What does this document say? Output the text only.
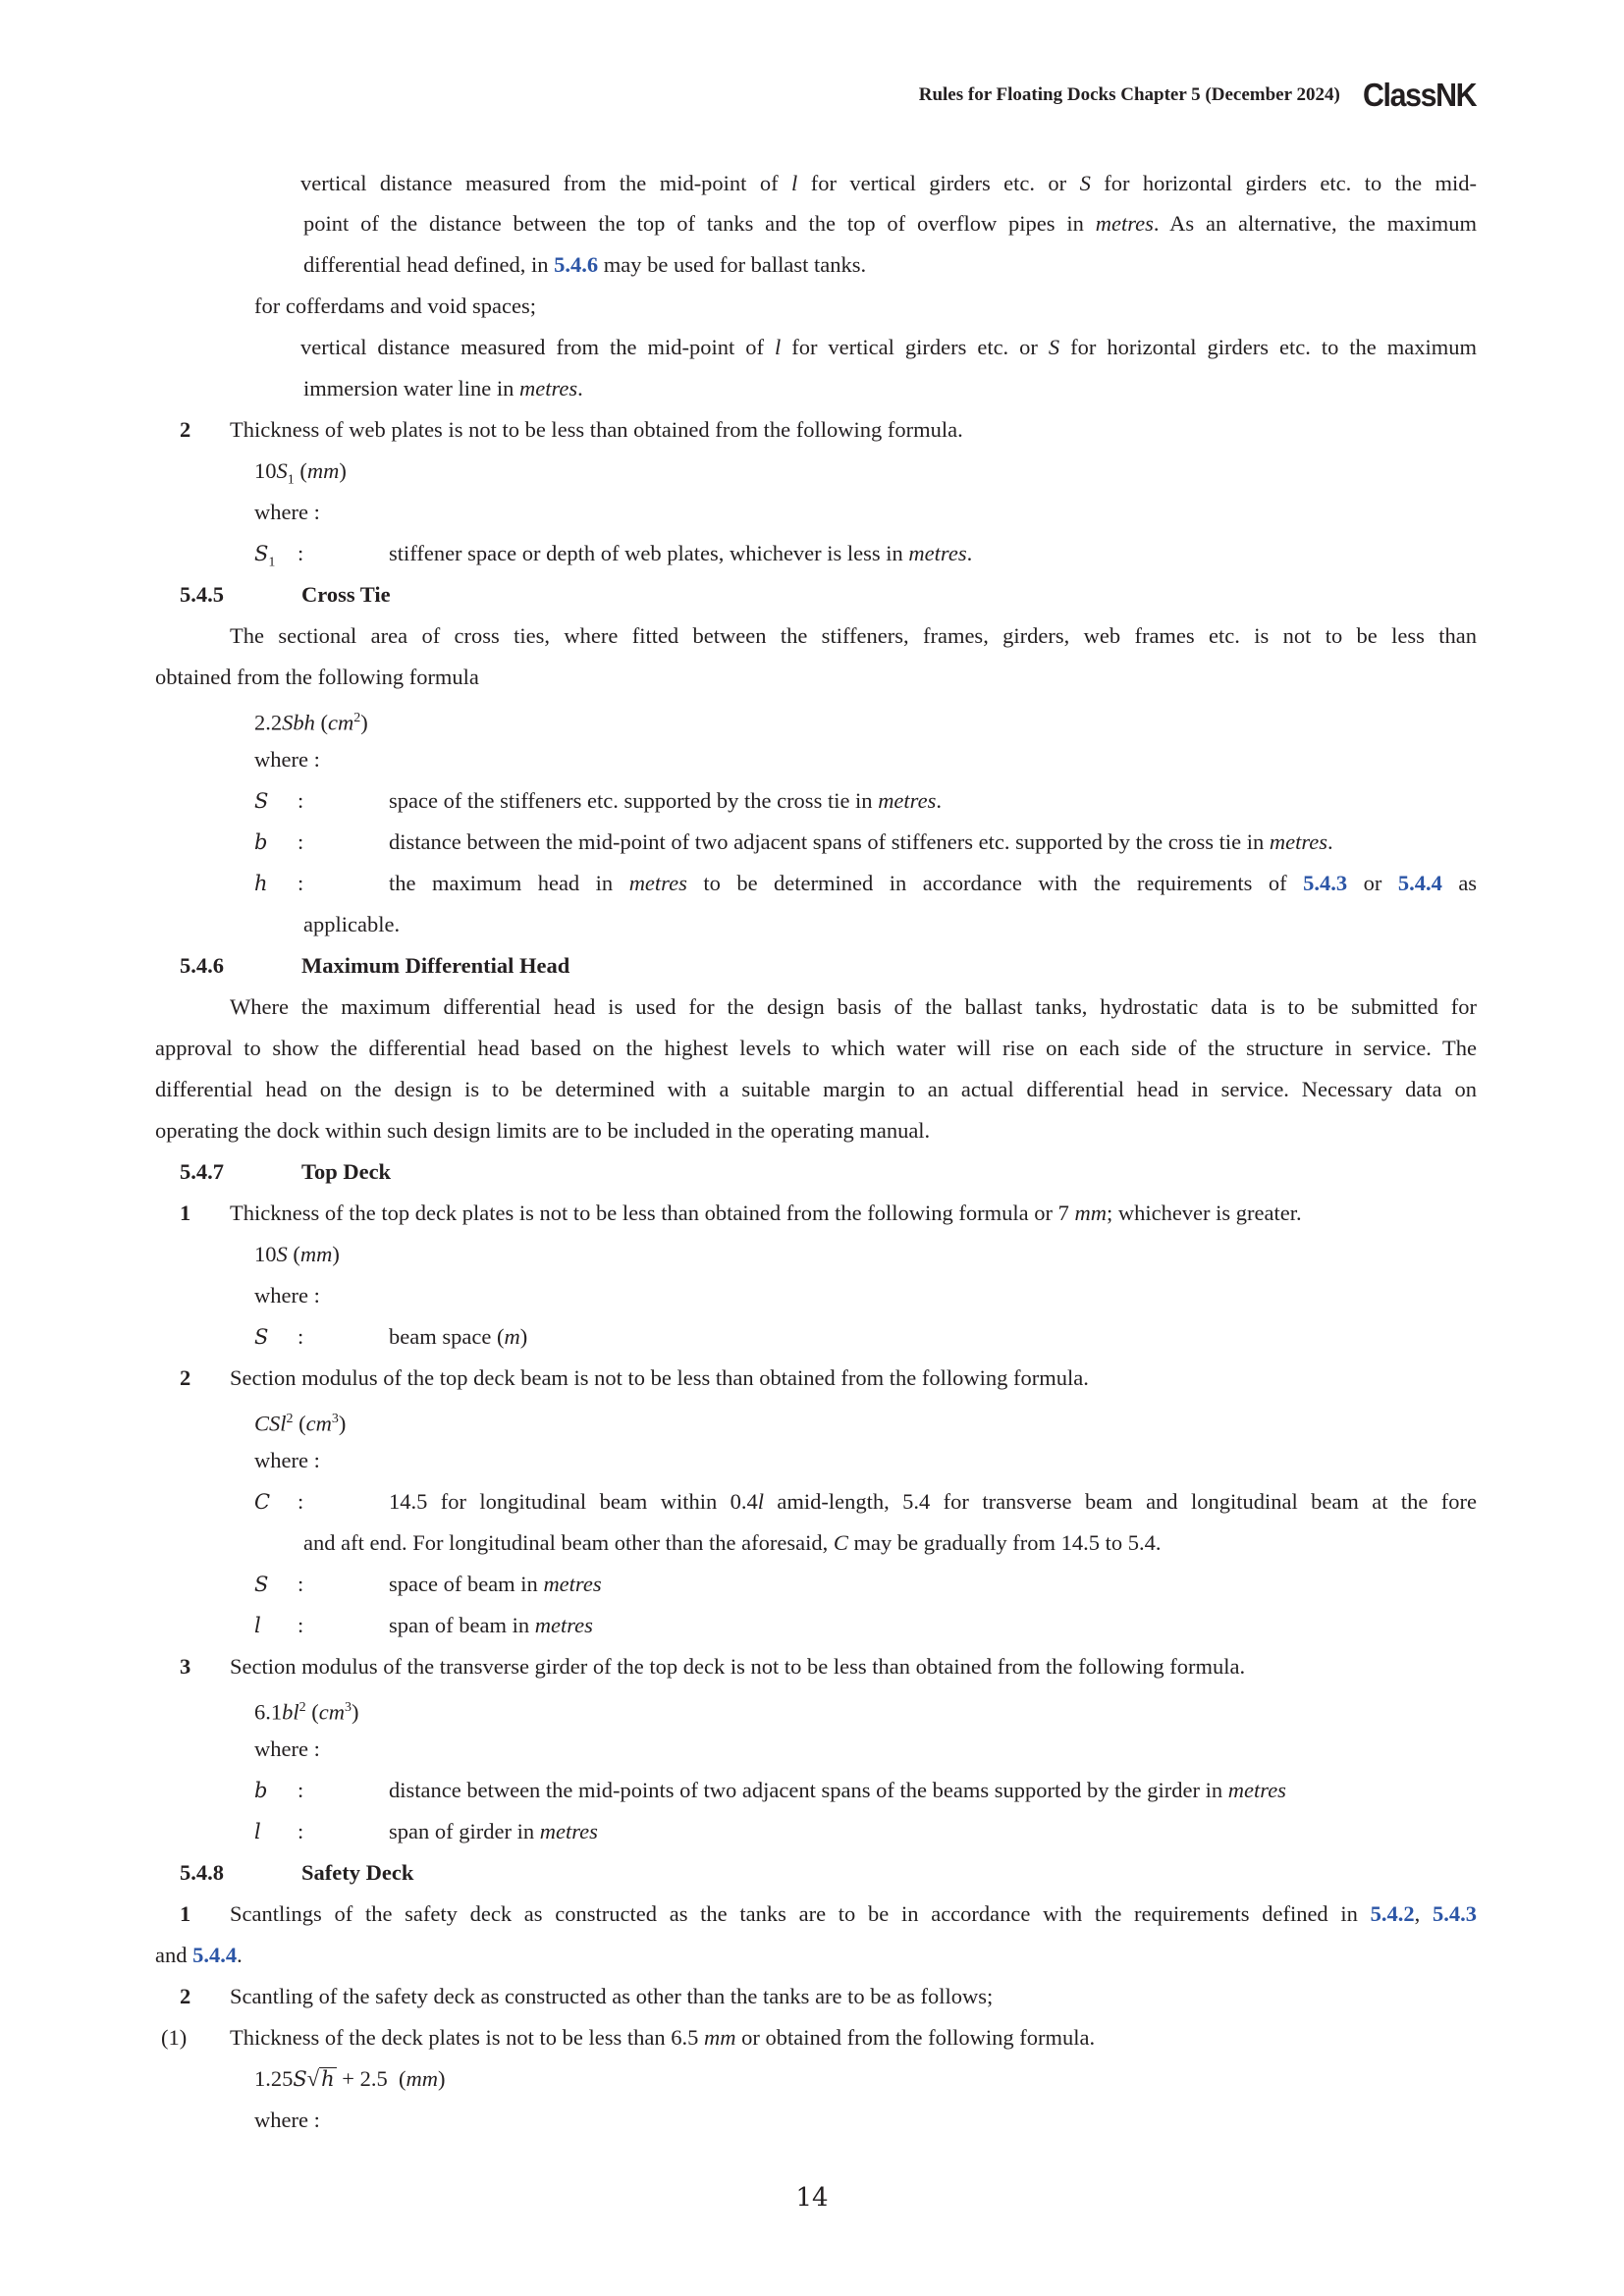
Rules for Floating Docks Chapter 5 (December 2024) ClassNK
vertical distance measured from the mid-point of l for vertical girders etc. or S for horizontal girders etc. to the mid-
point of the distance between the top of tanks and the top of overflow pipes in metres. As an alternative, the maximum
differential head defined, in 5.4.6 may be used for ballast tanks.
for cofferdams and void spaces;
vertical distance measured from the mid-point of l for vertical girders etc. or S for horizontal girders etc. to the maximum
immersion water line in metres.
2 Thickness of web plates is not to be less than obtained from the following formula.
$10S_1$ (mm)
where :
$S_1$ :	stiffener space or depth of web plates, whichever is less in metres.
5.4.5	Cross Tie
The sectional area of cross ties, where fitted between the stiffeners, frames, girders, web frames etc. is not to be less than
obtained from the following formula
2.2Sbh $(cm^2)$
where :
S :	space of the stiffeners etc. supported by the cross tie in metres.
b :	distance between the mid-point of two adjacent spans of stiffeners etc. supported by the cross tie in metres.
h :	the maximum head in metres to be determined in accordance with the requirements of 5.4.3 or 5.4.4 as
applicable.
5.4.6	Maximum Differential Head
Where the maximum differential head is used for the design basis of the ballast tanks, hydrostatic data is to be submitted for
approval to show the differential head based on the highest levels to which water will rise on each side of the structure in service. The
differential head on the design is to be determined with a suitable margin to an actual differential head in service. Necessary data on
operating the dock within such design limits are to be included in the operating manual.
5.4.7	Top Deck
1 Thickness of the top deck plates is not to be less than obtained from the following formula or 7 mm; whichever is greater.
10S (mm)
where :
S :	beam space (m)
2 Section modulus of the top deck beam is not to be less than obtained from the following formula.
CSl$^2$ $(cm^3)$
where :
C :	14.5 for longitudinal beam within 0.4l amid-length, 5.4 for transverse beam and longitudinal beam at the fore
and aft end. For longitudinal beam other than the aforesaid, C may be gradually from 14.5 to 5.4.
S :	space of beam in metres
l :	span of beam in metres
3 Section modulus of the transverse girder of the top deck is not to be less than obtained from the following formula.
$6.1bl^2$ $(cm^3)$
where :
b :	distance between the mid-points of two adjacent spans of the beams supported by the girder in metres
l :	span of girder in metres
5.4.8	Safety Deck
1 Scantlings of the safety deck as constructed as the tanks are to be in accordance with the requirements defined in 5.4.2, 5.4.3
and 5.4.4.
2 Scantling of the safety deck as constructed as other than the tanks are to be as follows;
(1) Thickness of the deck plates is not to be less than 6.5 mm or obtained from the following formula.
1.25S√h + 2.5 (mm)
where :
14
